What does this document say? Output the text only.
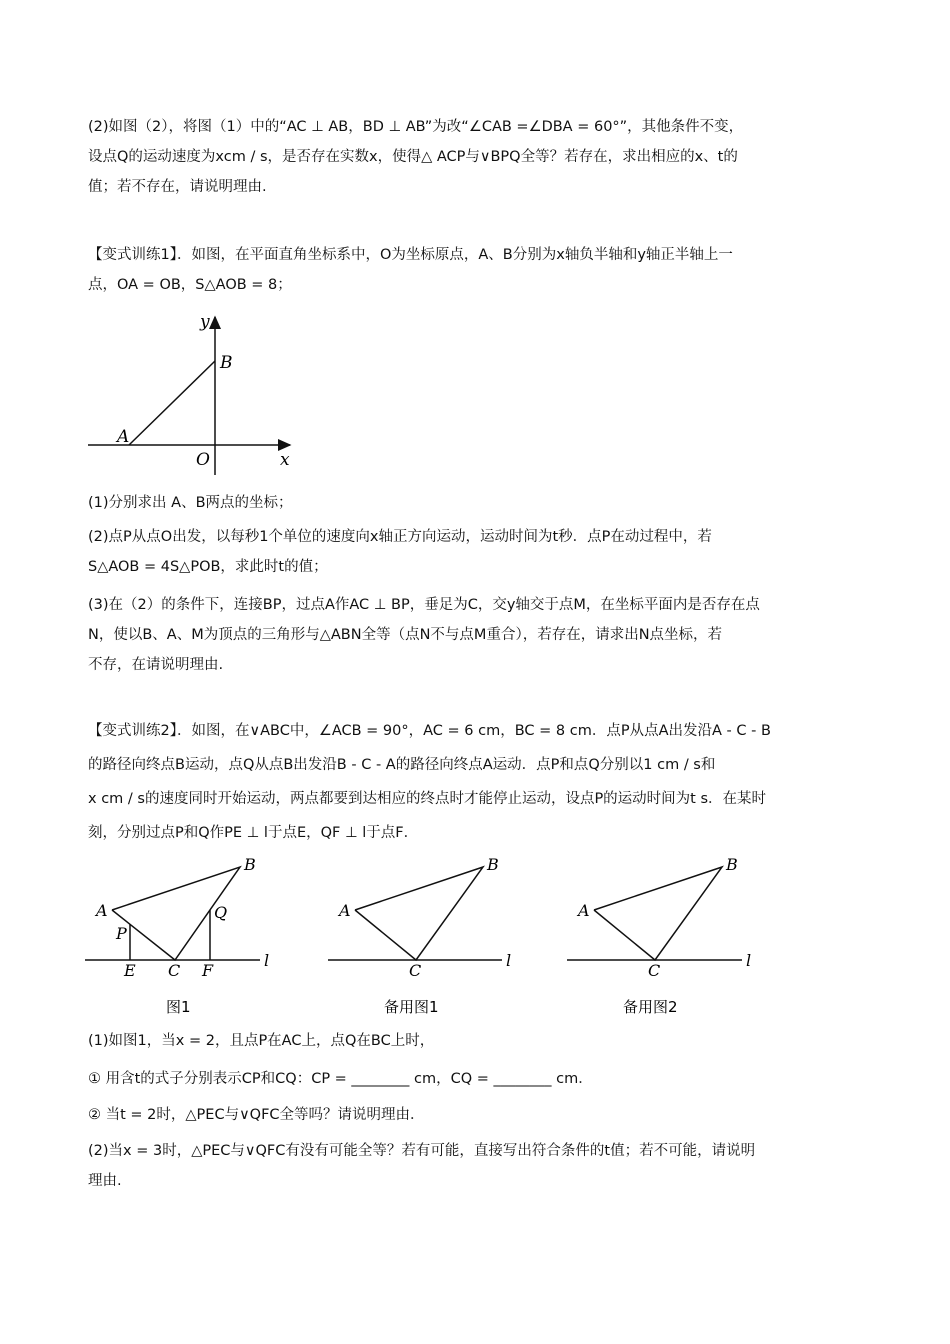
(2)如图（2），将图（1）中的“AC ⊥ AB，BD ⊥ AB”为改“∠CAB =∠DBA = 60°”，其他条件不变，
设点Q的运动速度为xcm / s，是否存在实数x，使得△ ACP与∨BPQ全等？若存在，求出相应的x、t的
值；若不存在，请说明理由.
【变式训练1】．如图，在平面直角坐标系中，O为坐标原点，A、B分别为x轴负半轴和y轴正半轴上一
点，OA = OB，S△AOB = 8；
y
x
B
A
O
(1)分别求出 A、B两点的坐标；
(2)点P从点O出发，以每秒1个单位的速度向x轴正方向运动，运动时间为t秒．点P在动过程中，若
S△AOB = 4S△POB，求此时t的值；
(3)在（2）的条件下，连接BP，过点A作AC ⊥ BP，垂足为C，交y轴交于点M，在坐标平面内是否存在点
N，使以B、A、M为顶点的三角形与△ABN全等（点N不与点M重合），若存在，请求出N点坐标，若
不存，在请说明理由.
【变式训练2】．如图，在∨ABC中，∠ACB = 90°，AC = 6 cm，BC = 8 cm．点P从点A出发沿A - C - B
的路径向终点B运动，点Q从点B出发沿B - C - A的路径向终点A运动．点P和点Q分别以1 cm / s和
x cm / s的速度同时开始运动，两点都要到达相应的终点时才能停止运动，设点P的运动时间为t s．在某时
刻，分别过点P和Q作PE ⊥ l于点E，QF ⊥ l于点F．
A
B
P
Q
E C F
l
图1
A
B
C
l
备用图1
A
B
C
l
备用图2
(1)如图1，当x = 2，且点P在AC上，点Q在BC上时，
① 用含t的式子分别表示CP和CQ：CP = ________ cm，CQ = ________ cm．
② 当t = 2时，△PEC与∨QFC全等吗？请说明理由．
(2)当x = 3时，△PEC与∨QFC有没有可能全等？若有可能，直接写出符合条件的t值；若不可能，请说明
理由.
